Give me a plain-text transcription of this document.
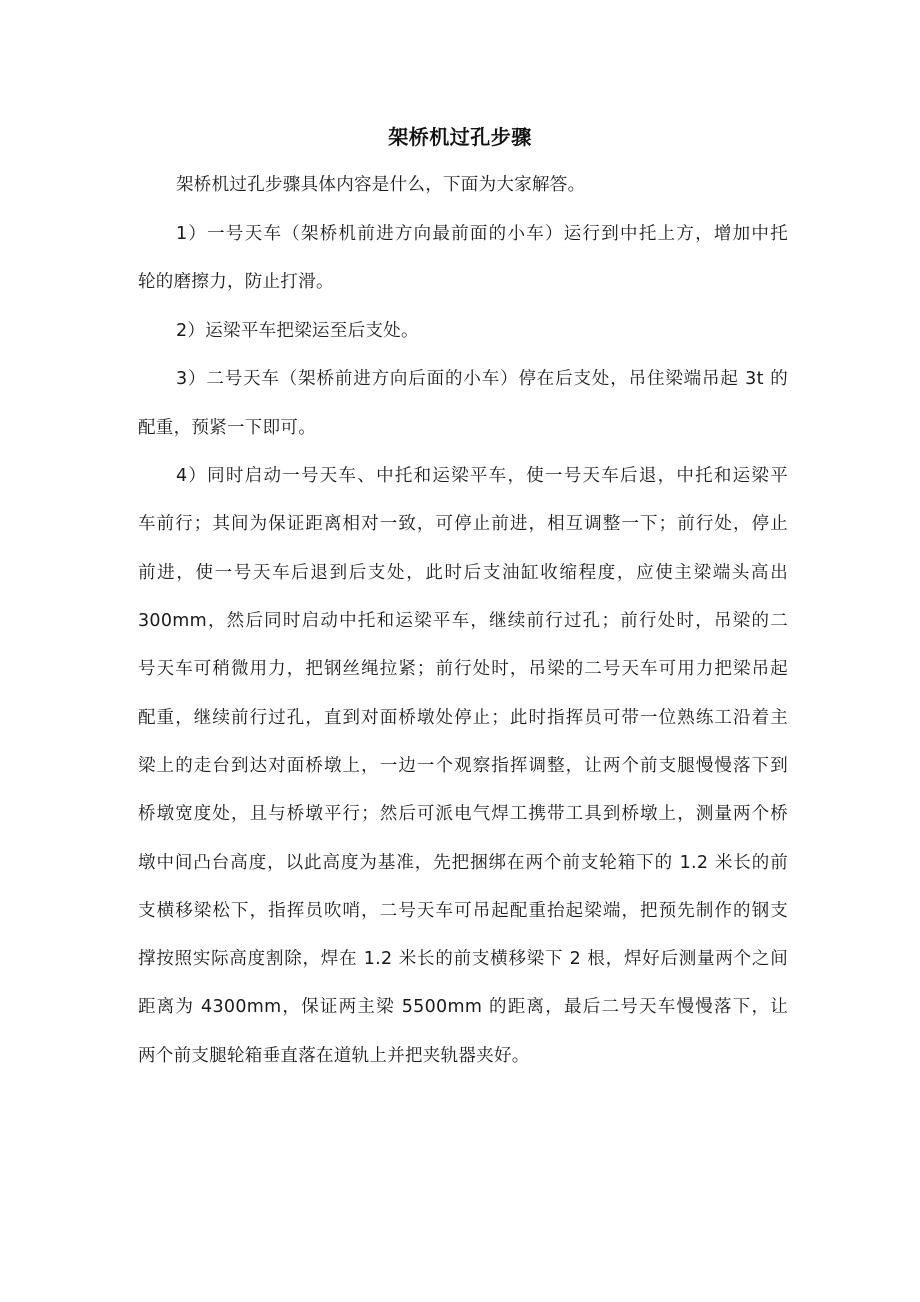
架桥机过孔步骤
架桥机过孔步骤具体内容是什么，下面为大家解答。
1）一号天车（架桥机前进方向最前面的小车）运行到中托上方，增加中托
轮的磨擦力，防止打滑。
2）运梁平车把梁运至后支处。
3）二号天车（架桥前进方向后面的小车）停在后支处，吊住梁端吊起 3t 的
配重，预紧一下即可。
4）同时启动一号天车、中托和运梁平车，使一号天车后退，中托和运梁平
车前行；其间为保证距离相对一致，可停止前进，相互调整一下；前行处，停止
前进，使一号天车后退到后支处，此时后支油缸收缩程度，应使主梁端头高出
300mm，然后同时启动中托和运梁平车，继续前行过孔；前行处时，吊梁的二
号天车可稍微用力，把钢丝绳拉紧；前行处时，吊梁的二号天车可用力把梁吊起
配重，继续前行过孔，直到对面桥墩处停止；此时指挥员可带一位熟练工沿着主
梁上的走台到达对面桥墩上，一边一个观察指挥调整，让两个前支腿慢慢落下到
桥墩宽度处，且与桥墩平行；然后可派电气焊工携带工具到桥墩上，测量两个桥
墩中间凸台高度，以此高度为基准，先把捆绑在两个前支轮箱下的 1.2 米长的前
支横移梁松下，指挥员吹哨，二号天车可吊起配重抬起梁端，把预先制作的钢支
撑按照实际高度割除，焊在 1.2 米长的前支横移梁下 2 根，焊好后测量两个之间
距离为 4300mm，保证两主梁 5500mm 的距离，最后二号天车慢慢落下，让
两个前支腿轮箱垂直落在道轨上并把夹轨器夹好。
